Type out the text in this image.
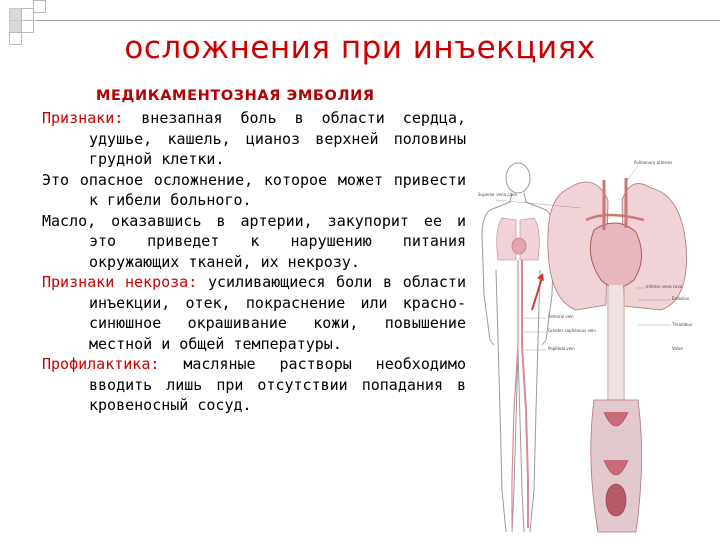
осложнения при инъекциях
МЕДИКАМЕНТОЗНАЯ ЭМБОЛИЯ
Признаки: внезапная боль в области сердца, удушье, кашель, цианоз верхней половины грудной клетки.
Это опасное осложнение, которое может привести к гибели больного.
Масло, оказавшись в артерии, закупорит ее и это приведет к нарушению питания окружающих тканей, их некрозу.
Признаки некроза: усиливающиеся боли в области инъекции, отек, покраснение или красно-синюшное окрашивание кожи, повышение местной и общей температуры.
Профилактика: масляные растворы необходимо вводить лишь при отсутствии попадания в кровеносный сосуд.
Pulmonary arteries
Superior vena cava
Inferior vena cava
Embolus
Femoral vein
Greater saphenous vein
Popliteal vein
Thrombus
Valve
